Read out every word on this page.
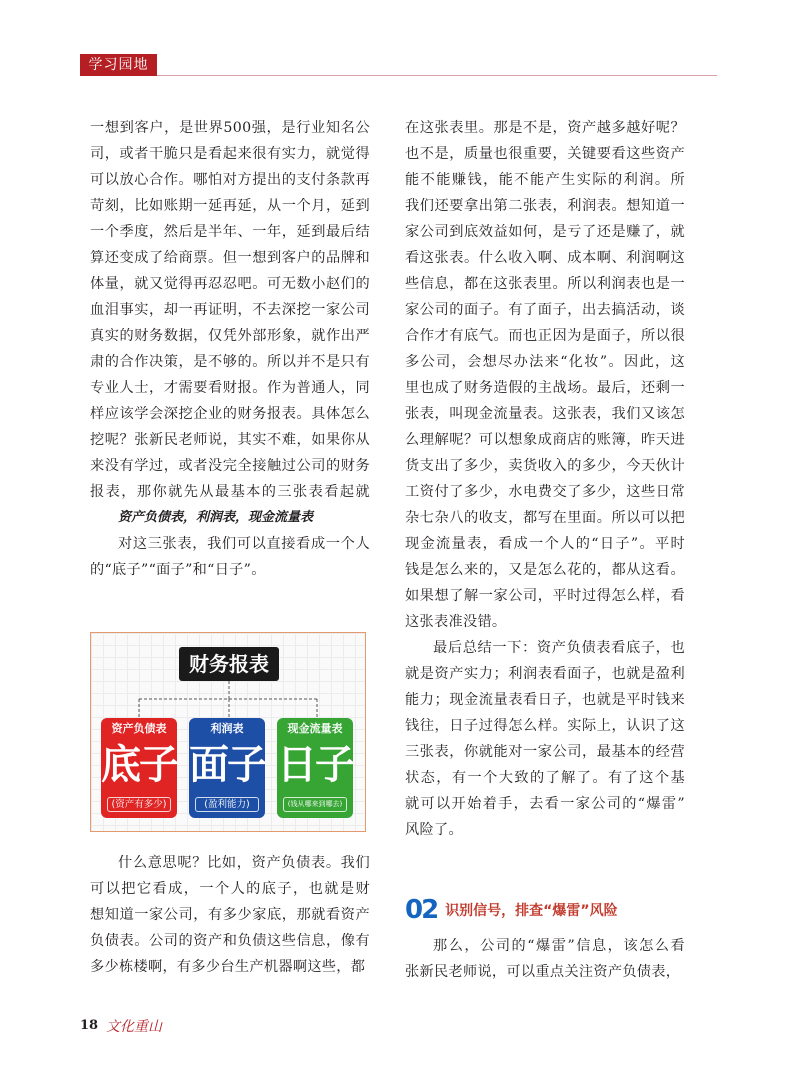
学习园地
一想到客户，是世界500强，是行业知名公
司，或者干脆只是看起来很有实力，就觉得
可以放心合作。哪怕对方提出的支付条款再
苛刻，比如账期一延再延，从一个月，延到
一个季度，然后是半年、一年，延到最后结
算还变成了给商票。但一想到客户的品牌和
体量，就又觉得再忍忍吧。可无数小赵们的
血泪事实，却一再证明，不去深挖一家公司
真实的财务数据，仅凭外部形象，就作出严
肃的合作决策，是不够的。所以并不是只有
专业人士，才需要看财报。作为普通人，同
样应该学会深挖企业的财务报表。具体怎么
挖呢？张新民老师说，其实不难，如果你从
来没有学过，或者没完全接触过公司的财务
报表，那你就先从最基本的三张表看起就
资产负债表，利润表，现金流量表
对这三张表，我们可以直接看成一个人
的“底子”“面子”和“日子”。
财务报表
资产负债表
底子
(资产有多少)
利润表
面子
(盈利能力)
现金流量表
日子
(钱从哪来到哪去)
什么意思呢？比如，资产负债表。我们
可以把它看成，一个人的底子，也就是财
想知道一家公司，有多少家底，那就看资产
负债表。公司的资产和负债这些信息，像有
多少栋楼啊，有多少台生产机器啊这些，都
在这张表里。那是不是，资产越多越好呢？
也不是，质量也很重要，关键要看这些资产
能不能赚钱，能不能产生实际的利润。所
我们还要拿出第二张表，利润表。想知道一
家公司到底效益如何，是亏了还是赚了，就
看这张表。什么收入啊、成本啊、利润啊这
些信息，都在这张表里。所以利润表也是一
家公司的面子。有了面子，出去搞活动，谈
合作才有底气。而也正因为是面子，所以很
多公司，会想尽办法来“化妆”。因此，这
里也成了财务造假的主战场。最后，还剩一
张表，叫现金流量表。这张表，我们又该怎
么理解呢？可以想象成商店的账簿，昨天进
货支出了多少，卖货收入的多少，今天伙计
工资付了多少，水电费交了多少，这些日常
杂七杂八的收支，都写在里面。所以可以把
现金流量表，看成一个人的“日子”。平时
钱是怎么来的，又是怎么花的，都从这看。
如果想了解一家公司，平时过得怎么样，看
这张表准没错。
最后总结一下：资产负债表看底子，也
就是资产实力；利润表看面子，也就是盈利
能力；现金流量表看日子，也就是平时钱来
钱往，日子过得怎么样。实际上，认识了这
三张表，你就能对一家公司，最基本的经营
状态，有一个大致的了解了。有了这个基
就可以开始着手，去看一家公司的“爆雷”
风险了。
02 识别信号，排查“爆雷”风险
那么，公司的“爆雷”信息，该怎么看
张新民老师说，可以重点关注资产负债表，
18 文化重山
